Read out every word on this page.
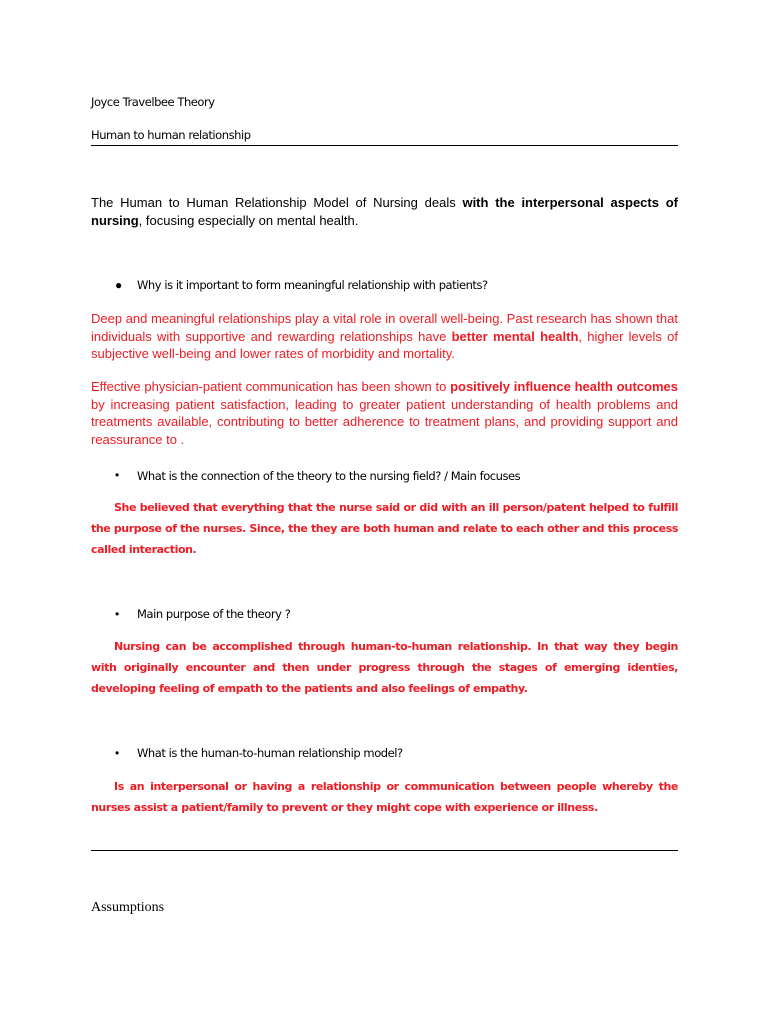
Joyce Travelbee Theory
Human to human relationship
The Human to Human Relationship Model of Nursing deals with the interpersonal aspects of nursing, focusing especially on mental health.
● Why is it important to form meaningful relationship with patients?
Deep and meaningful relationships play a vital role in overall well-being. Past research has shown that individuals with supportive and rewarding relationships have better mental health, higher levels of subjective well-being and lower rates of morbidity and mortality.
Effective physician-patient communication has been shown to positively influence health outcomes by increasing patient satisfaction, leading to greater patient understanding of health problems and treatments available, contributing to better adherence to treatment plans, and providing support and reassurance to .
• What is the connection of the theory to the nursing field? / Main focuses
She believed that everything that the nurse said or did with an ill person/patent helped to fulfill the purpose of the nurses. Since, the they are both human and relate to each other and this process called interaction.
• Main purpose of the theory ?
Nursing can be accomplished through human-to-human relationship. In that way they begin with originally encounter and then under progress through the stages of emerging identies, developing feeling of empath to the patients and also feelings of empathy.
• What is the human-to-human relationship model?
Is an interpersonal or having a relationship or communication between people whereby the nurses assist a patient/family to prevent or they might cope with experience or illness.
Assumptions
